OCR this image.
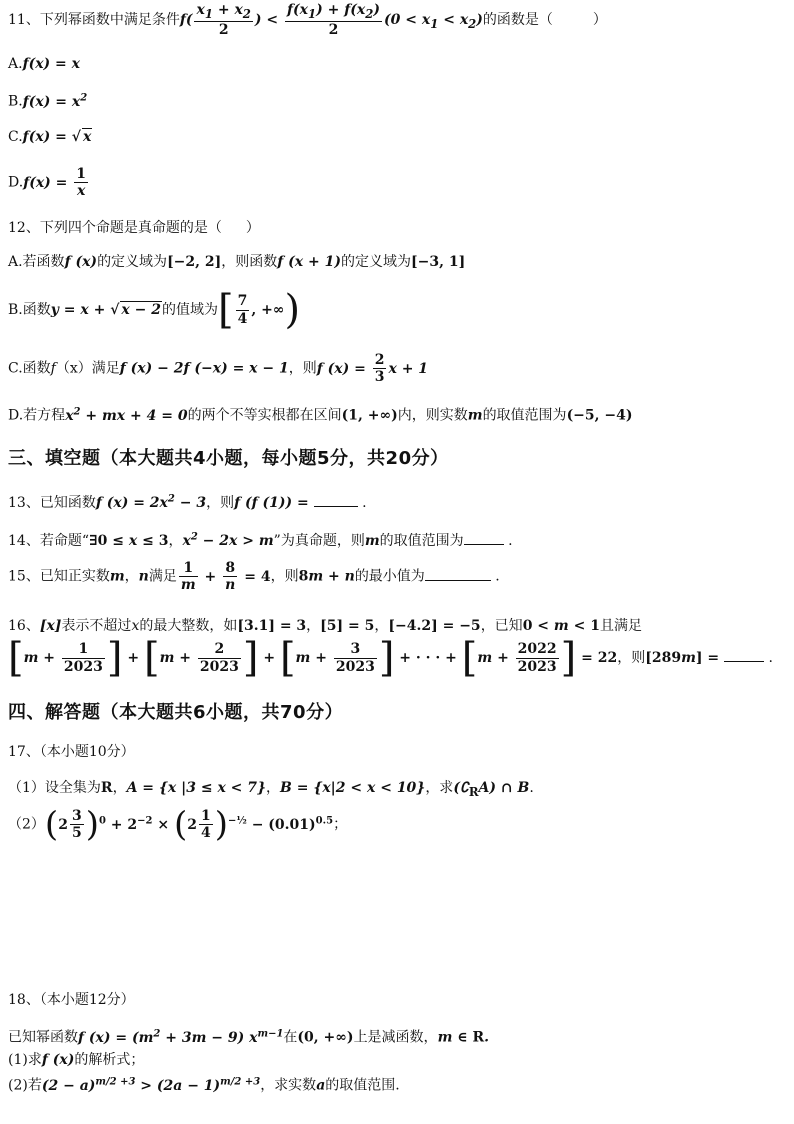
11、下列幂函数中满足条件$f( \frac{x_1 + x_2}{2}$ ) < $\frac{f(x_1) + f(x_2)}{2} (0 < x_1 < x_2)$的函数是（	）
A.f(x) = x
$B.f(x) = x^2$
C.f(x) = √ x
$D.f(x) = \frac{1}{x}$
12、下列四个命题是真命题的是（ ）
A.若函数f (x)的定义域为[−2, 2]，则函数f (x + 1)的定义域为[−3, 1]
B.函数y = x + √ x − 2的值域为[ $\frac{7}{4}$ , +∞)
C.函数f（x）满足f (x) − 2f (−x) = x − 1，则f $(x) = \frac{2}{3}$ x + 1
D.若方程$x^2$ + mx + 4 = 0的两个不等实根都在区间(1, +∞)内，则实数m的取值范围为(−5, −4)
三、填空题（本大题共4小题，每小题5分，共20分）
13、已知函数f $(x) = 2x^2 - 3$，则f (f (1)) =	.
14、若命题“∃0 ≤ x ≤ 3，$x^2 - 2x > m$”为真命题，则m的取值范围为	.
15、已知正实数m，n满足 $\frac{1}{m} + \frac{8}{n} = 4$，则8m + n的最小值为	.
16、[x]表示不超过x的最大整数，如[3.1] = 3，[5] = 5，[−4.2] = −5，已知0 < m < 1且满足
[$m + \frac{1}{2023}$ ] + [$m + \frac{2}{2023}$ ] + [$m + \frac{3}{2023}$ ] + · · · + [$m + \frac{2022}{2023}$ ] = 22，则[289m] =	.
四、解答题（本大题共6小题，共70分）
17、（本小题10分）
（1）设全集为R，A = {x |3 ≤ x < 7}，B = {x|2 < x < 10}，求$(∁_RA)$ ∩ B.
$(2)(2 \frac{3}{5} )^0 + 2^{-2} \times (2 \frac{1}{4} )^{-\frac{1}{2}} - (0.01)^{0.5}$；
18、（本小题12分）
已知幂函数f $(x) = (m^2 + 3m - 9)$ $x^{m-1}$在(0, +∞)上是减函数，m ∈ R.
(1)求f (x)的解析式；
(2)若$(2 - a)^{m/2 +3} > (2a - 1)^{m/2 +3}$，求实数a的取值范围.
